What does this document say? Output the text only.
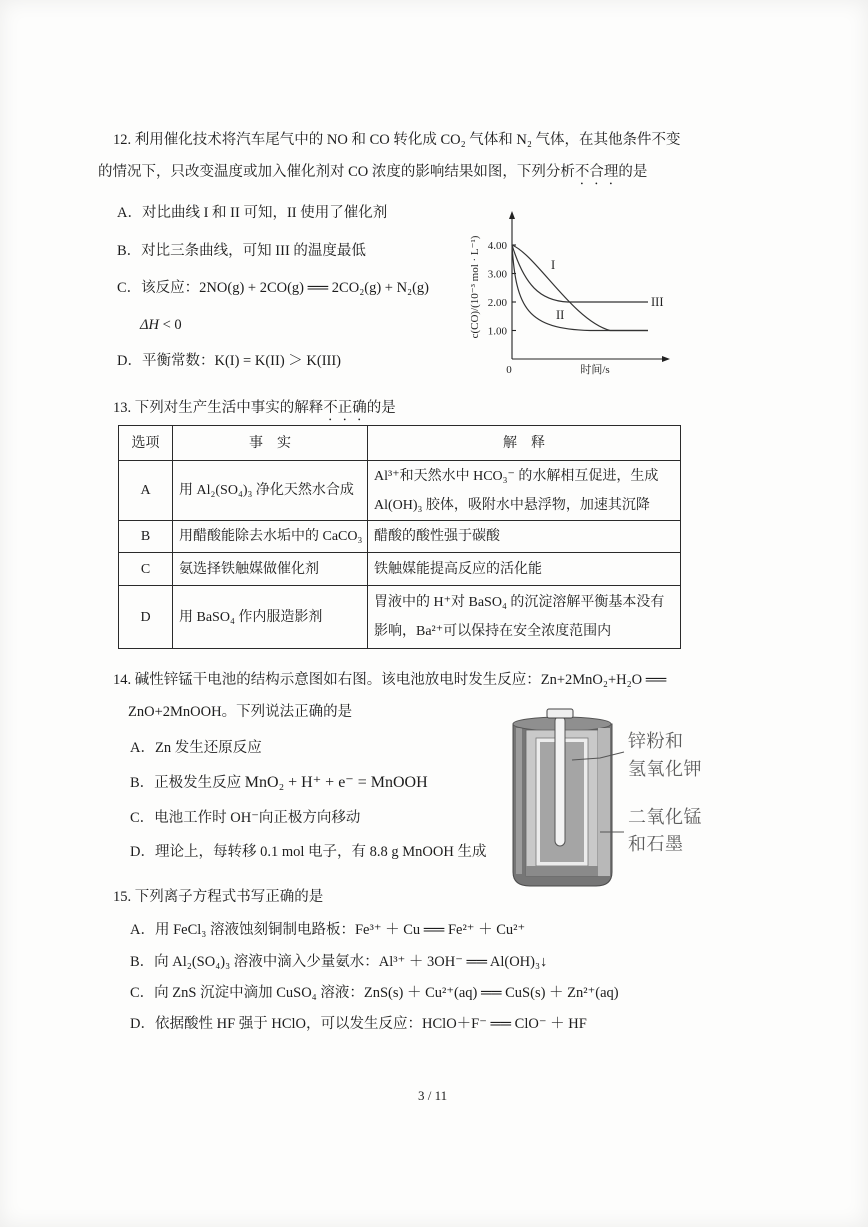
12. 利用催化技术将汽车尾气中的 NO 和 CO 转化成 CO₂ 气体和 N₂ 气体，在其他条件不变
的情况下，只改变温度或加入催化剂对 CO 浓度的影响结果如图，下列分析不合理的是
A．对比曲线 I 和 II 可知，II 使用了催化剂
B．对比三条曲线，可知 III 的温度最低
C．该反应：2NO(g) + 2CO(g) ══ 2CO₂(g) + N₂(g)
ΔH < 0
D．平衡常数：K(I) = K(II) ＞ K(III)
c(CO)/(10⁻³ mol · L⁻¹)
0	时间/s
4.00
3.00
2.00
1.00
I
II
III
13. 下列对生产生活中事实的解释不正确的是
选项	事　实	解　释
A	用 Al₂(SO₄)₃ 净化天然水合成	Al³⁺和天然水中 HCO₃⁻ 的水解相互促进，生成
Al(OH)₃ 胶体，吸附水中悬浮物，加速其沉降

B	用醋酸能除去水垢中的 CaCO₃	醋酸的酸性强于碳酸

C	氨选择铁触媒做催化剂	铁触媒能提高反应的活化能

D	用 BaSO₄ 作内服造影剂	胃液中的 H⁺对 BaSO₄ 的沉淀溶解平衡基本没有
影响，Ba²⁺可以保持在安全浓度范围内
14. 碱性锌锰干电池的结构示意图如右图。该电池放电时发生反应：Zn+2MnO₂+H₂O ══
ZnO+2MnOOH。下列说法正确的是
A．Zn 发生还原反应
B．正极发生反应 MnO₂ + H⁺ + e⁻ = MnOOH
C．电池工作时 OH⁻向正极方向移动
D．理论上，每转移 0.1 mol 电子，有 8.8 g MnOOH 生成
锌粉和
氢氧化钾
二氧化锰
和石墨
15. 下列离子方程式书写正确的是
A．用 FeCl₃ 溶液蚀刻铜制电路板：Fe³⁺ ＋ Cu ══ Fe²⁺ ＋ Cu²⁺
B．向 Al₂(SO₄)₃ 溶液中滴入少量氨水：Al³⁺ ＋ 3OH⁻ ══ Al(OH)₃↓
C．向 ZnS 沉淀中滴加 CuSO₄ 溶液：ZnS(s) ＋ Cu²⁺(aq) ══ CuS(s) ＋ Zn²⁺(aq)
D．依据酸性 HF 强于 HClO，可以发生反应：HClO＋F⁻ ══ ClO⁻ ＋ HF
3 / 11
